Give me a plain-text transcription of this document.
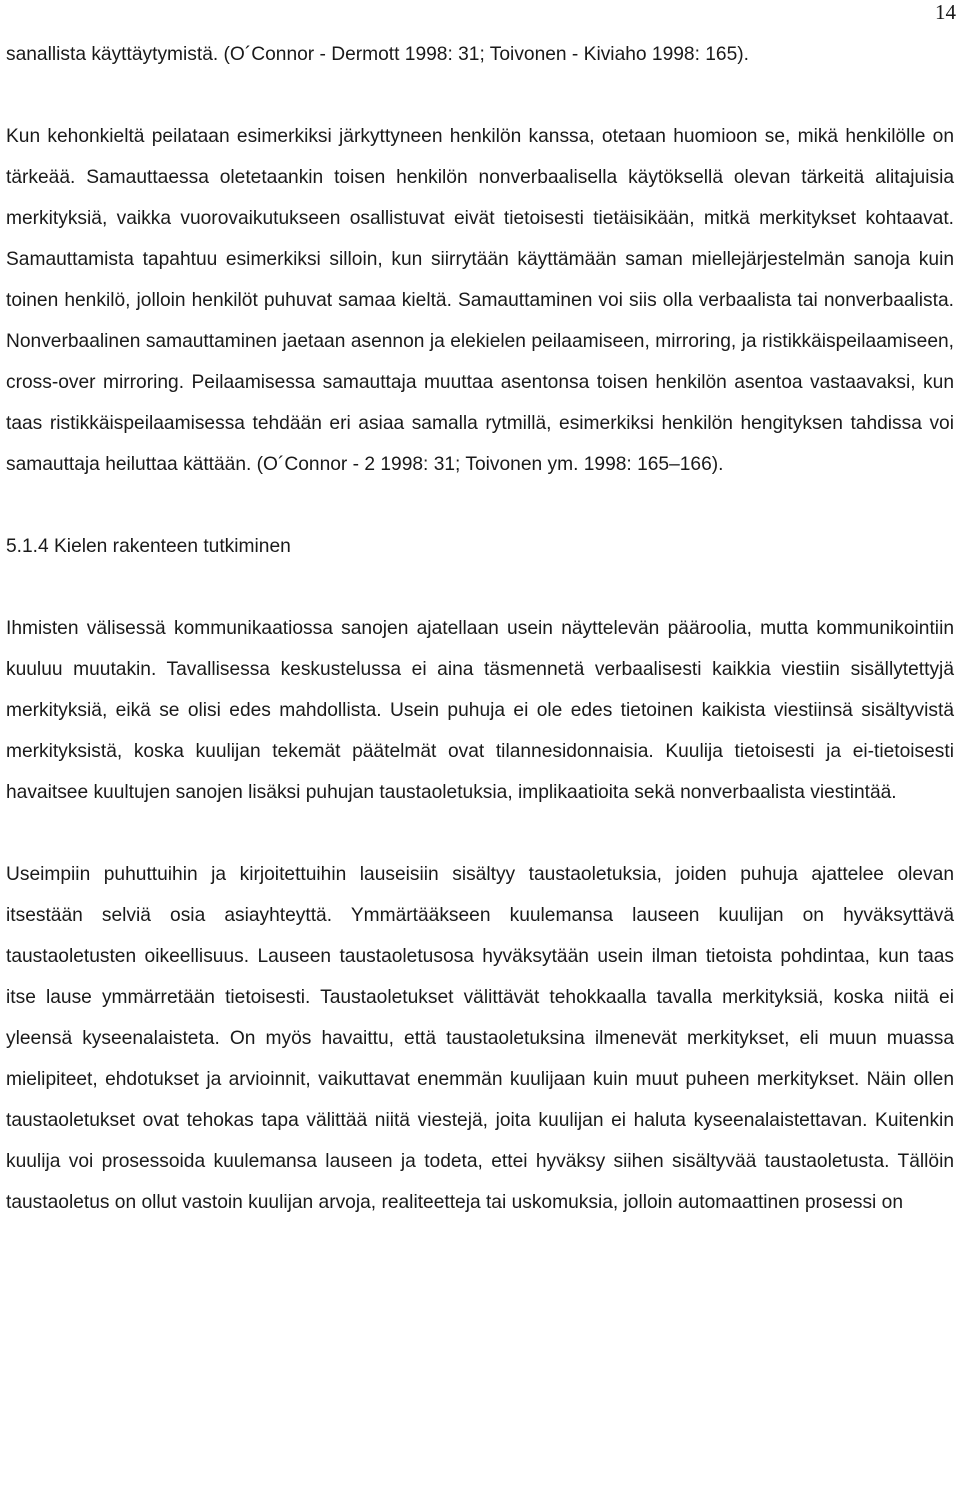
14

sanallista käyttäytymistä. (O´Connor - Dermott 1998: 31; Toivonen - Kiviaho 1998: 165).

Kun kehonkieltä peilataan esimerkiksi järkyttyneen henkilön kanssa, otetaan huomioon se, mikä henkilölle on tärkeää. Samauttaessa oletetaankin toisen henkilön nonverbaalisella käytöksellä olevan tärkeitä alitajuisia merkityksiä, vaikka vuorovaikutukseen osallistuvat eivät tietoisesti tietäisikään, mitkä merkitykset kohtaavat. Samauttamista tapahtuu esimerkiksi silloin, kun siirrytään käyttämään saman miellejärjestelmän sanoja kuin toinen henkilö, jolloin henkilöt puhuvat samaa kieltä. Samauttaminen voi siis olla verbaalista tai nonverbaalista. Nonverbaalinen samauttaminen jaetaan asennon ja elekielen peilaamiseen, mirroring, ja ristikkäispeilaamiseen, cross-over mirroring. Peilaamisessa samauttaja muuttaa asentonsa toisen henkilön asentoa vastaavaksi, kun taas ristikkäispeilaamisessa tehdään eri asiaa samalla rytmillä, esimerkiksi henkilön hengityksen tahdissa voi samauttaja heiluttaa kättään. (O´Connor - 2 1998: 31; Toivonen ym. 1998: 165–166).

5.1.4 Kielen rakenteen tutkiminen

Ihmisten välisessä kommunikaatiossa sanojen ajatellaan usein näyttelevän pääroolia, mutta kommunikointiin kuuluu muutakin. Tavallisessa keskustelussa ei aina täsmennetä verbaalisesti kaikkia viestiin sisällytettyjä merkityksiä, eikä se olisi edes mahdollista. Usein puhuja ei ole edes tietoinen kaikista viestiinsä sisältyvistä merkityksistä, koska kuulijan tekemät päätelmät ovat tilannesidonnaisia. Kuulija tietoisesti ja ei-tietoisesti havaitsee kuultujen sanojen lisäksi puhujan taustaoletuksia, implikaatioita sekä nonverbaalista viestintää.

Useimpiin puhuttuihin ja kirjoitettuihin lauseisiin sisältyy taustaoletuksia, joiden puhuja ajattelee olevan itsestään selviä osia asiayhteyttä. Ymmärtääkseen kuulemansa lauseen kuulijan on hyväksyttävä taustaoletusten oikeellisuus. Lauseen taustaoletusosa hyväksytään usein ilman tietoista pohdintaa, kun taas itse lause ymmärretään tietoisesti. Taustaoletukset välittävät tehokkaalla tavalla merkityksiä, koska niitä ei yleensä kyseenalaisteta. On myös havaittu, että taustaoletuksina ilmenevät merkitykset, eli muun muassa mielipiteet, ehdotukset ja arvioinnit, vaikuttavat enemmän kuulijaan kuin muut puheen merkitykset. Näin ollen taustaoletukset ovat tehokas tapa välittää niitä viestejä, joita kuulijan ei haluta kyseenalaistettavan. Kuitenkin kuulija voi prosessoida kuulemansa lauseen ja todeta, ettei hyväksy siihen sisältyvää taustaoletusta. Tällöin taustaoletus on ollut vastoin kuulijan arvoja, realiteetteja tai uskomuksia, jolloin automaattinen prosessi on
